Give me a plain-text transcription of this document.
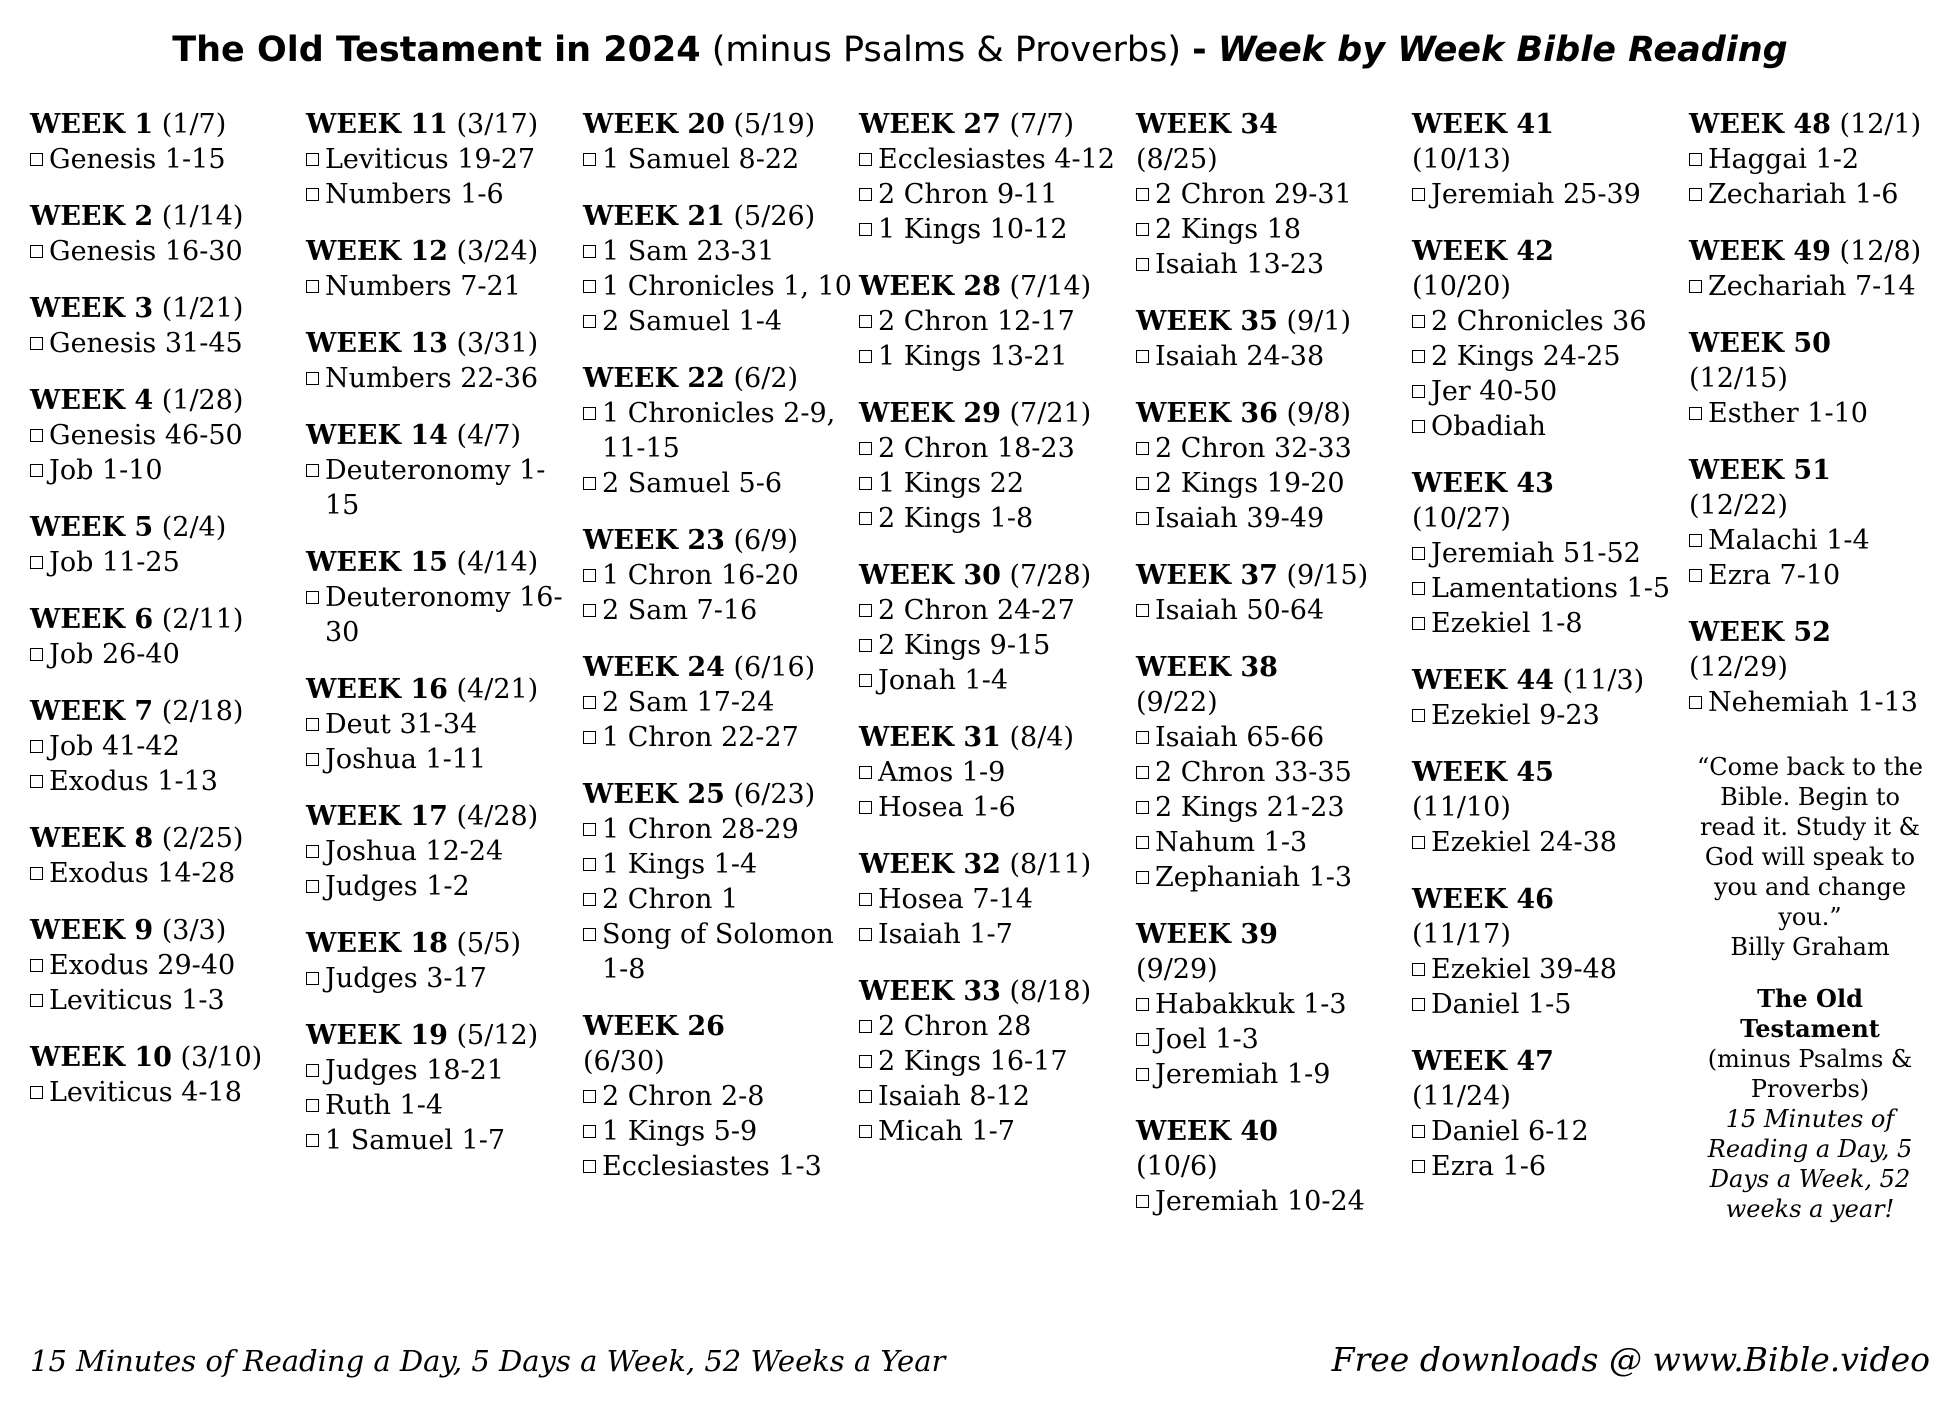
The Old Testament in 2024 (minus Psalms & Proverbs) - Week by Week Bible Reading
WEEK 1 (1/7)
Genesis 1-15
WEEK 2 (1/14)
Genesis 16-30
WEEK 3 (1/21)
Genesis 31-45
WEEK 4 (1/28)
Genesis 46-50
Job 1-10
WEEK 5 (2/4)
Job 11-25
WEEK 6 (2/11)
Job 26-40
WEEK 7 (2/18)
Job 41-42
Exodus 1-13
WEEK 8 (2/25)
Exodus 14-28
WEEK 9 (3/3)
Exodus 29-40
Leviticus 1-3
WEEK 10 (3/10)
Leviticus 4-18
WEEK 11 (3/17)
Leviticus 19-27
Numbers 1-6
WEEK 12 (3/24)
Numbers 7-21
WEEK 13 (3/31)
Numbers 22-36
WEEK 14 (4/7)
Deuteronomy 1-15
WEEK 15 (4/14)
Deuteronomy 16-30
WEEK 16 (4/21)
Deut 31-34
Joshua 1-11
WEEK 17 (4/28)
Joshua 12-24
Judges 1-2
WEEK 18 (5/5)
Judges 3-17
WEEK 19 (5/12)
Judges 18-21
Ruth 1-4
1 Samuel 1-7
WEEK 20 (5/19)
1 Samuel 8-22
WEEK 21 (5/26)
1 Sam 23-31
1 Chronicles 1, 10
2 Samuel 1-4
WEEK 22 (6/2)
1 Chronicles 2-9, 11-15
2 Samuel 5-6
WEEK 23 (6/9)
1 Chron 16-20
2 Sam 7-16
WEEK 24 (6/16)
2 Sam 17-24
1 Chron 22-27
WEEK 25 (6/23)
1 Chron 28-29
1 Kings 1-4
2 Chron 1
Song of Solomon 1-8
WEEK 26
(6/30)
2 Chron 2-8
1 Kings 5-9
Ecclesiastes 1-3
WEEK 27 (7/7)
Ecclesiastes 4-12
2 Chron 9-11
1 Kings 10-12
WEEK 28 (7/14)
2 Chron 12-17
1 Kings 13-21
WEEK 29 (7/21)
2 Chron 18-23
1 Kings 22
2 Kings 1-8
WEEK 30 (7/28)
2 Chron 24-27
2 Kings 9-15
Jonah 1-4
WEEK 31 (8/4)
Amos 1-9
Hosea 1-6
WEEK 32 (8/11)
Hosea 7-14
Isaiah 1-7
WEEK 33 (8/18)
2 Chron 28
2 Kings 16-17
Isaiah 8-12
Micah 1-7
WEEK 34
(8/25)
2 Chron 29-31
2 Kings 18
Isaiah 13-23
WEEK 35 (9/1)
Isaiah 24-38
WEEK 36 (9/8)
2 Chron 32-33
2 Kings 19-20
Isaiah 39-49
WEEK 37 (9/15)
Isaiah 50-64
WEEK 38
(9/22)
Isaiah 65-66
2 Chron 33-35
2 Kings 21-23
Nahum 1-3
Zephaniah 1-3
WEEK 39
(9/29)
Habakkuk 1-3
Joel 1-3
Jeremiah 1-9
WEEK 40
(10/6)
Jeremiah 10-24
WEEK 41
(10/13)
Jeremiah 25-39
WEEK 42
(10/20)
2 Chronicles 36
2 Kings 24-25
Jer 40-50
Obadiah
WEEK 43
(10/27)
Jeremiah 51-52
Lamentations 1-5
Ezekiel 1-8
WEEK 44 (11/3)
Ezekiel 9-23
WEEK 45
(11/10)
Ezekiel 24-38
WEEK 46
(11/17)
Ezekiel 39-48
Daniel 1-5
WEEK 47
(11/24)
Daniel 6-12
Ezra 1-6
WEEK 48 (12/1)
Haggai 1-2
Zechariah 1-6
WEEK 49 (12/8)
Zechariah 7-14
WEEK 50
(12/15)
Esther 1-10
WEEK 51
(12/22)
Malachi 1-4
Ezra 7-10
WEEK 52
(12/29)
Nehemiah 1-13
“Come back to the Bible. Begin to read it. Study it & God will speak to you and change you.”
Billy Graham
The Old Testament
(minus Psalms & Proverbs)
15 Minutes of Reading a Day, 5 Days a Week, 52 weeks a year!
15 Minutes of Reading a Day, 5 Days a Week, 52 Weeks a Year	Free downloads @ www.Bible.video
